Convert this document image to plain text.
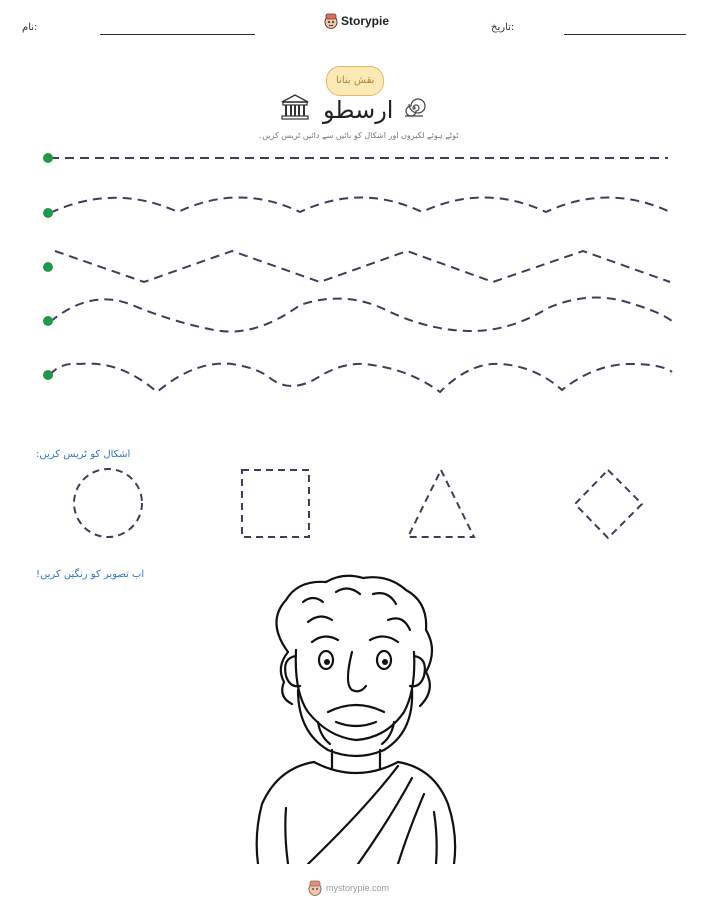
نام:	Storypie	تاریخ:
نقش بنانا
ارسطو
ٹوٹے ہوئے لکیروں اور اشکال کو بائیں سے دائیں ٹریس کریں۔
اشکال کو ٹریس کریں:
اب تصویر کو رنگین کریں!
mystorypie.com
